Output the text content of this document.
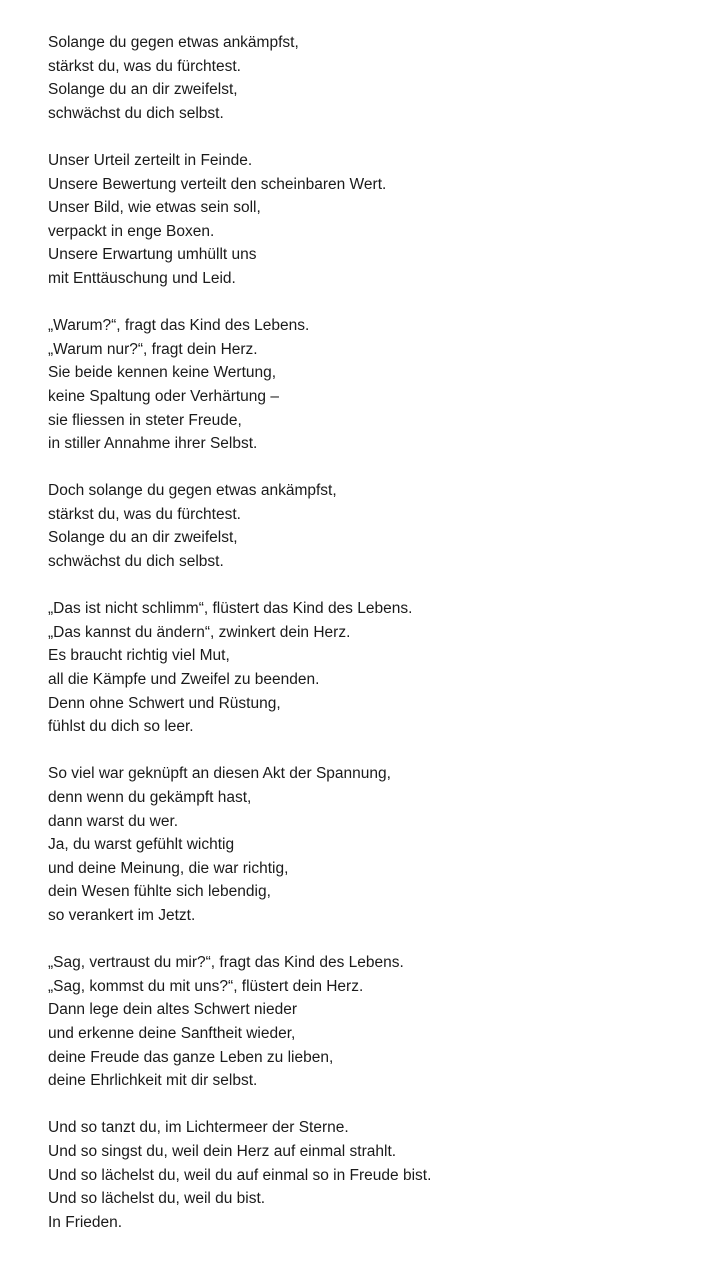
Solange du gegen etwas ankämpfst,
stärkst du, was du fürchtest.
Solange du an dir zweifelst,
schwächst du dich selbst.
Unser Urteil zerteilt in Feinde.
Unsere Bewertung verteilt den scheinbaren Wert.
Unser Bild, wie etwas sein soll,
verpackt in enge Boxen.
Unsere Erwartung umhüllt uns
mit Enttäuschung und Leid.
„Warum?“, fragt das Kind des Lebens.
„Warum nur?“, fragt dein Herz.
Sie beide kennen keine Wertung,
keine Spaltung oder Verhärtung –
sie fliessen in steter Freude,
in stiller Annahme ihrer Selbst.
Doch solange du gegen etwas ankämpfst,
stärkst du, was du fürchtest.
Solange du an dir zweifelst,
schwächst du dich selbst.
„Das ist nicht schlimm“, flüstert das Kind des Lebens.
„Das kannst du ändern“, zwinkert dein Herz.
Es braucht richtig viel Mut,
all die Kämpfe und Zweifel zu beenden.
Denn ohne Schwert und Rüstung,
fühlst du dich so leer.
So viel war geknüpft an diesen Akt der Spannung,
denn wenn du gekämpft hast,
dann warst du wer.
Ja, du warst gefühlt wichtig
und deine Meinung, die war richtig,
dein Wesen fühlte sich lebendig,
so verankert im Jetzt.
„Sag, vertraust du mir?“, fragt das Kind des Lebens.
„Sag, kommst du mit uns?“, flüstert dein Herz.
Dann lege dein altes Schwert nieder
und erkenne deine Sanftheit wieder,
deine Freude das ganze Leben zu lieben,
deine Ehrlichkeit mit dir selbst.
Und so tanzt du, im Lichtermeer der Sterne.
Und so singst du, weil dein Herz auf einmal strahlt.
Und so lächelst du, weil du auf einmal so in Freude bist.
Und so lächelst du, weil du bist.
In Frieden.
